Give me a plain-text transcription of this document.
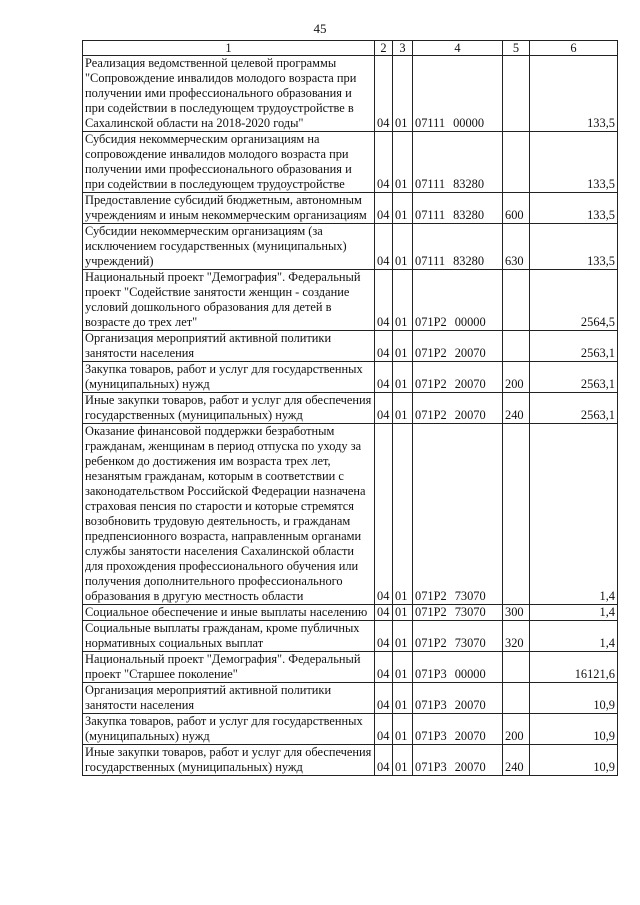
45
1	2	3	4	5	6
Реализация ведомственной целевой программы "Сопровождение инвалидов молодого возраста при получении ими профессионального образования и при содействии в последующем трудоустройстве в Сахалинской области на 2018-2020 годы"	04	01	07111 00000		133,5
Субсидия некоммерческим организациям на сопровождение инвалидов молодого возраста при получении ими профессионального образования и при содействии в последующем трудоустройстве	04	01	07111 83280		133,5
Предоставление субсидий бюджетным, автономным учреждениям и иным некоммерческим организациям	04	01	07111 83280	600	133,5
Субсидии некоммерческим организациям (за исключением государственных (муниципальных) учреждений)	04	01	07111 83280	630	133,5
Национальный проект "Демография". Федеральный проект "Содействие занятости женщин - создание условий дошкольного образования для детей в возрасте до трех лет"	04	01	071P2 00000		2564,5
Организация мероприятий активной политики занятости населения	04	01	071P2 20070		2563,1
Закупка товаров, работ и услуг для государственных (муниципальных) нужд	04	01	071P2 20070	200	2563,1
Иные закупки товаров, работ и услуг для обеспечения государственных (муниципальных) нужд	04	01	071P2 20070	240	2563,1
Оказание финансовой поддержки безработным гражданам, женщинам в период отпуска по уходу за ребенком до достижения им возраста трех лет, незанятым гражданам, которым в соответствии с законодательством Российской Федерации назначена страховая пенсия по старости и которые стремятся возобновить трудовую деятельность, и гражданам предпенсионного возраста, направленным органами службы занятости населения Сахалинской области для прохождения профессионального обучения или получения дополнительного профессионального образования в другую местность области	04	01	071P2 73070		1,4
Социальное обеспечение и иные выплаты населению	04	01	071P2 73070	300	1,4
Социальные выплаты гражданам, кроме публичных нормативных социальных выплат	04	01	071P2 73070	320	1,4
Национальный проект "Демография". Федеральный проект "Старшее поколение"	04	01	071P3 00000		16121,6
Организация мероприятий активной политики занятости населения	04	01	071P3 20070		10,9
Закупка товаров, работ и услуг для государственных (муниципальных) нужд	04	01	071P3 20070	200	10,9
Иные закупки товаров, работ и услуг для обеспечения государственных (муниципальных) нужд	04	01	071P3 20070	240	10,9
